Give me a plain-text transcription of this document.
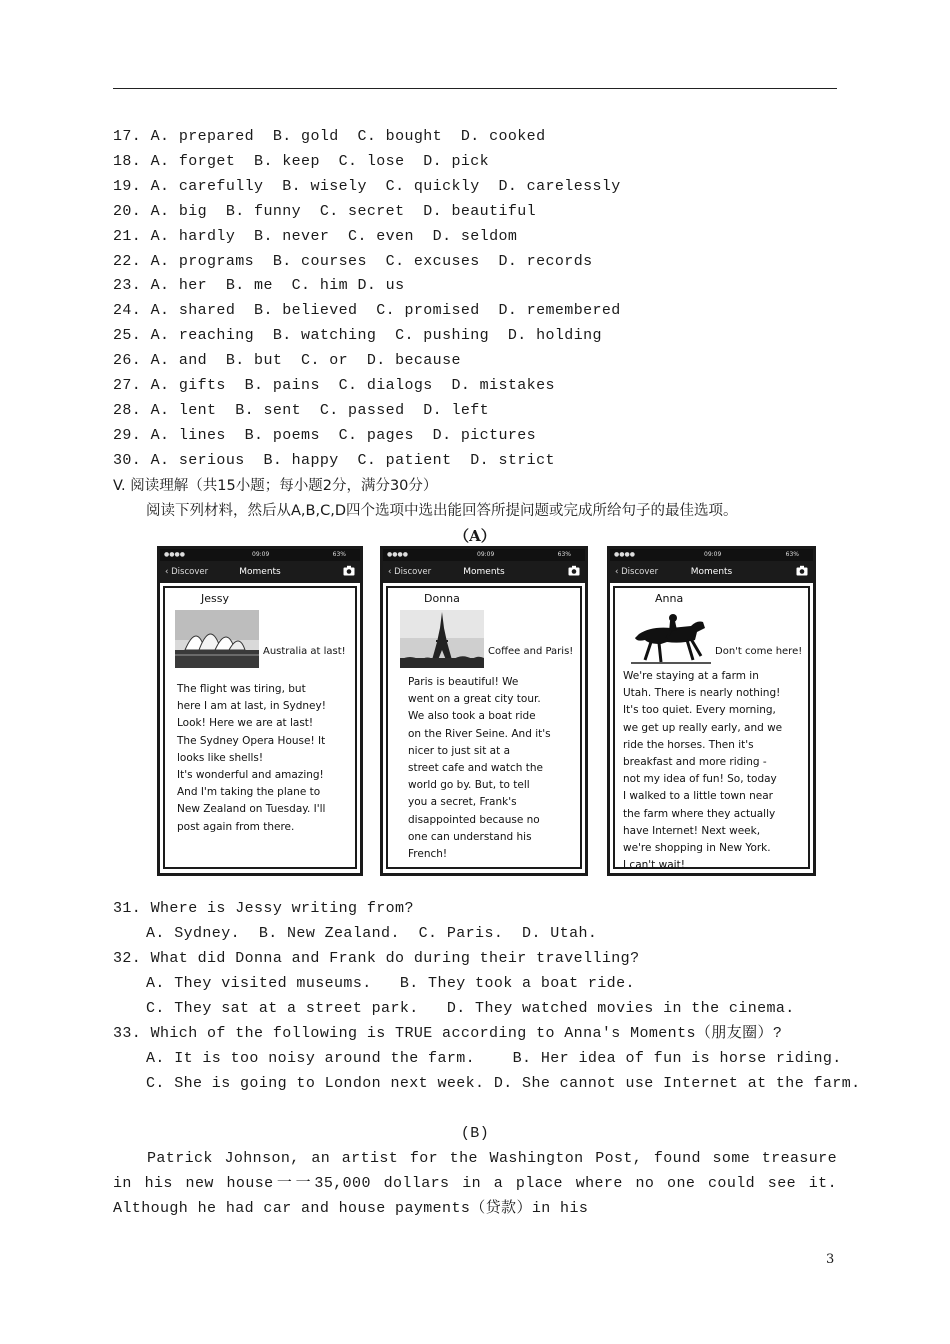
17. A. prepared  B. gold  C. bought  D. cooked
18. A. forget  B. keep  C. lose  D. pick
19. A. carefully  B. wisely  C. quickly  D. carelessly
20. A. big  B. funny  C. secret  D. beautiful
21. A. hardly  B. never  C. even  D. seldom
22. A. programs  B. courses  C. excuses  D. records
23. A. her  B. me  C. him D. us
24. A. shared  B. believed  C. promised  D. remembered
25. A. reaching  B. watching  C. pushing  D. holding
26. A. and  B. but  C. or  D. because
27. A. gifts  B. pains  C. dialogs  D. mistakes
28. A. lent  B. sent  C. passed  D. left
29. A. lines  B. poems  C. pages  D. pictures
30. A. serious  B. happy  C. patient  D. strict
V. 阅读理解（共15小题；每小题2分，满分30分）
阅读下列材料，然后从A,B,C,D四个选项中选出能回答所提问题或完成所给句子的最佳选项。
（A）
●●●●	09:09	63%
‹ Discover	Moments
Jessy
Australia at last!
The flight was tiring, but
here I am at last, in Sydney!
Look! Here we are at last!
The Sydney Opera House! It
looks like shells!
It's wonderful and amazing!
And I'm taking the plane to
New Zealand on Tuesday. I'll
post again from there.
●●●●	09:09	63%
‹ Discover	Moments
Donna
Coffee and Paris!
Paris is beautiful! We
went on a great city tour.
We also took a boat ride
on the River Seine. And it's
nicer to just sit at a
street cafe and watch the
world go by. But, to tell
you a secret, Frank's
disappointed because no
one can understand his
French!
●●●●	09:09	63%
‹ Discover	Moments
Anna
Don't come here!
We're staying at a farm in
Utah. There is nearly nothing!
It's too quiet. Every morning,
we get up really early, and we
ride the horses. Then it's
breakfast and more riding -
not my idea of fun! So, today
I walked to a little town near
the farm where they actually
have Internet! Next week,
we're shopping in New York.
I can't wait!
31. Where is Jessy writing from?
A. Sydney.  B. New Zealand.  C. Paris.  D. Utah.
32. What did Donna and Frank do during their travelling?
A. They visited museums.   B. They took a boat ride.
C. They sat at a street park.   D. They watched movies in the cinema.
33. Which of the following is TRUE according to Anna's Moments（朋友圈）?
A. It is too noisy around the farm.    B. Her idea of fun is horse riding.
C. She is going to London next week. D. She cannot use Internet at the farm.
(B)
Patrick Johnson, an artist for the Washington Post, found some treasure in his new house一一35,000 dollars in a place where no one could see it. Although he had car and house payments（贷款）in his
3
